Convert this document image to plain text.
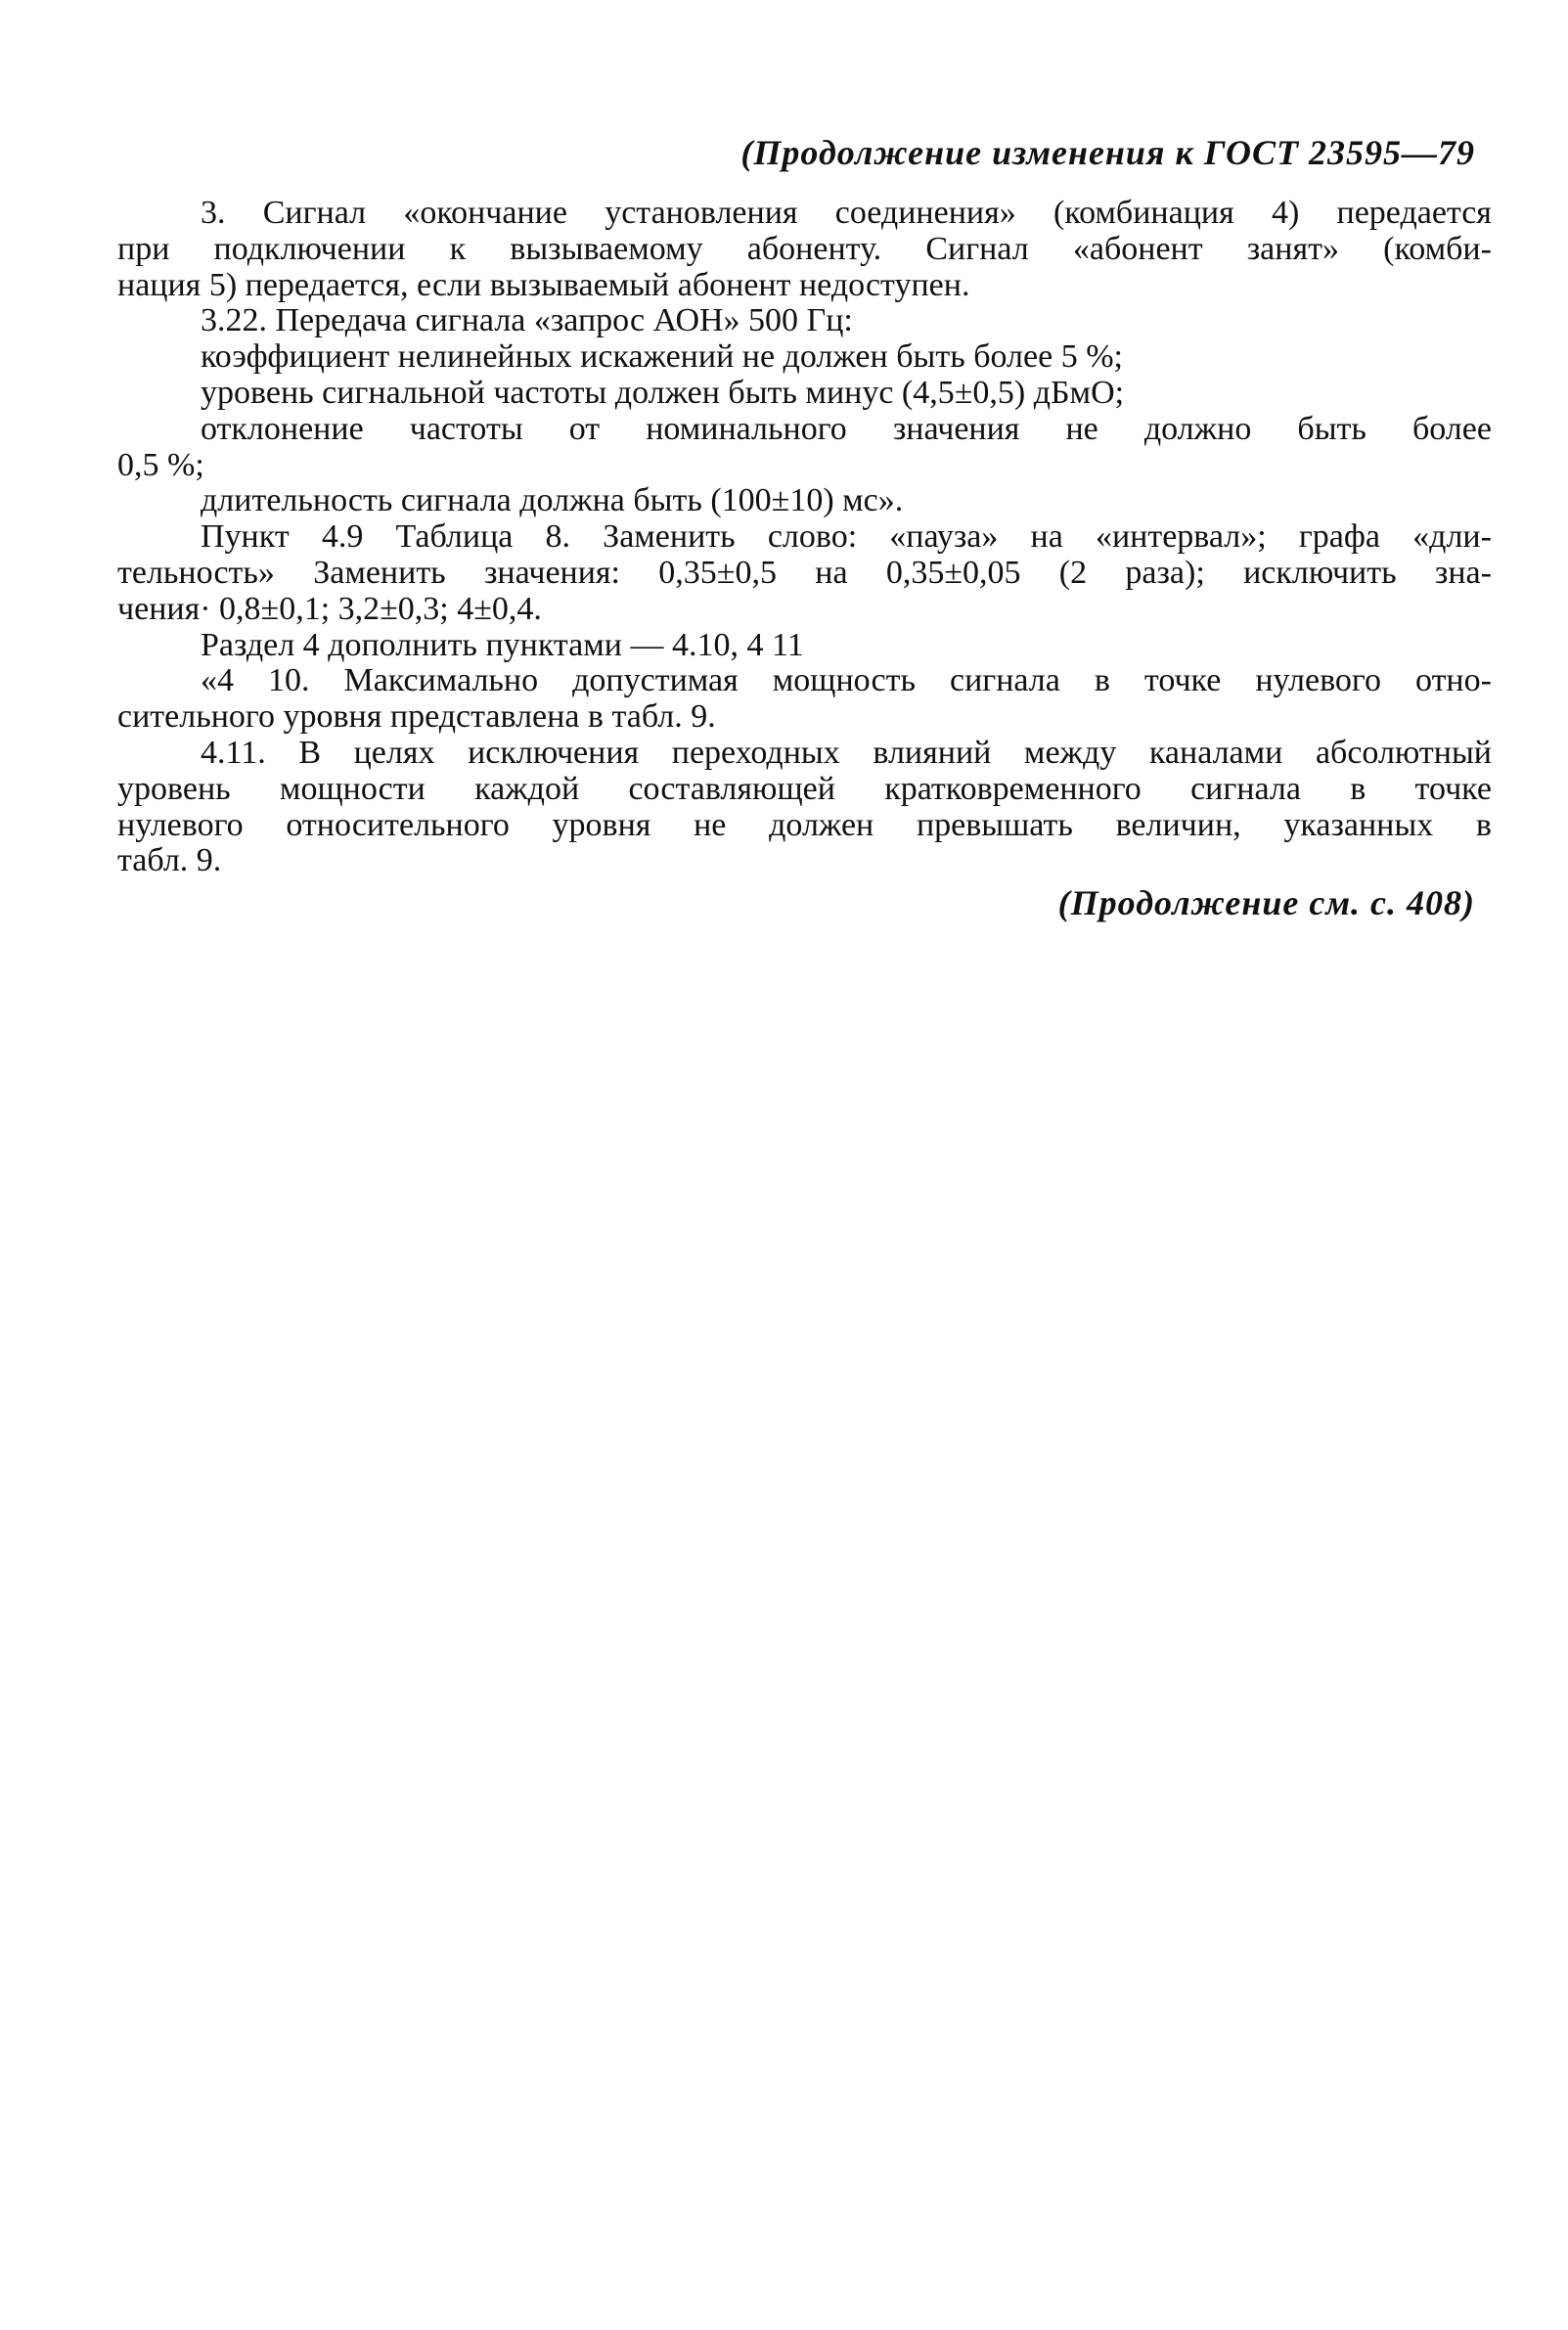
(Продолжение изменения к ГОСТ 23595—79
3. Сигнал «окончание установления соединения» (комбинация 4) передается
при подключении к вызываемому абоненту. Сигнал «абонент занят» (комби-
нация 5) передается, если вызываемый абонент недоступен.
3.22. Передача сигнала «запрос АОН» 500 Гц:
коэффициент нелинейных искажений не должен быть более 5 %;
уровень сигнальной частоты должен быть минус (4,5±0,5) дБмО;
отклонение частоты от номинального значения не должно быть более
0,5 %;
длительность сигнала должна быть (100±10) мс».
Пункт 4.9 Таблица 8. Заменить слово: «пауза» на «интервал»; графа «дли-
тельность» Заменить значения: 0,35±0,5 на 0,35±0,05 (2 раза); исключить зна-
чения· 0,8±0,1; 3,2±0,3; 4±0,4.
Раздел 4 дополнить пунктами — 4.10, 4 11
«4 10. Максимально допустимая мощность сигнала в точке нулевого отно-
сительного уровня представлена в табл. 9.
4.11. В целях исключения переходных влияний между каналами абсолютный
уровень мощности каждой составляющей кратковременного сигнала в точке
нулевого относительного уровня не должен превышать величин, указанных в
табл. 9.
(Продолжение см. с. 408)
